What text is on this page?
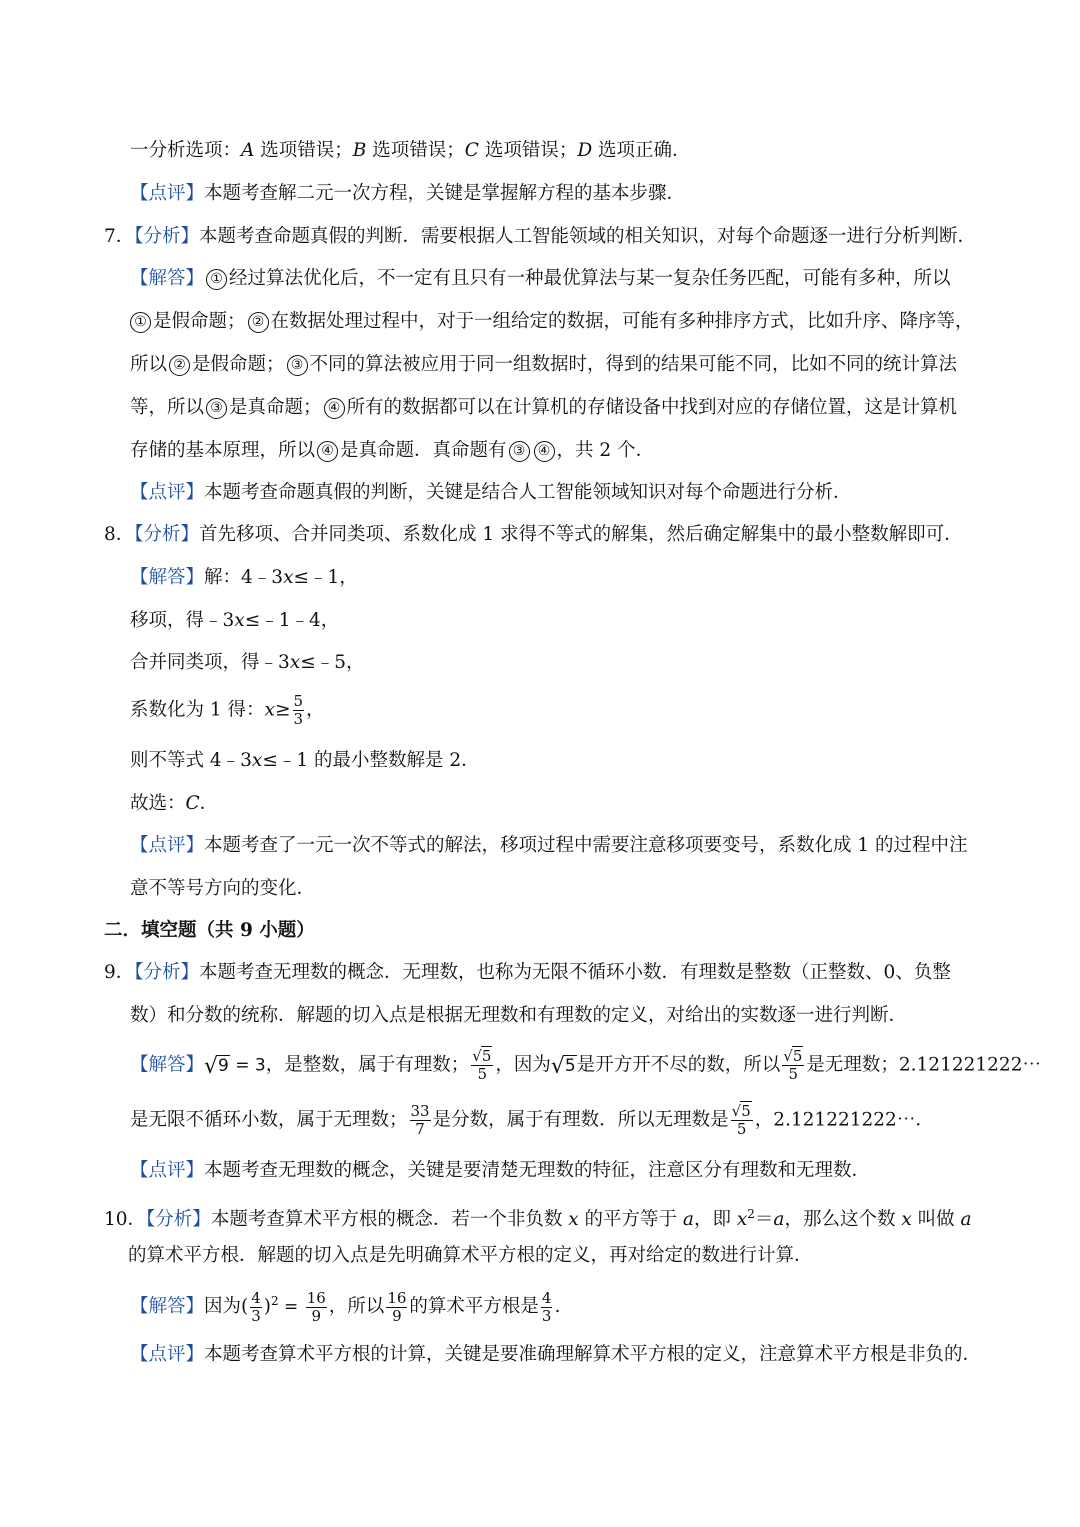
一分析选项：A 选项错误；B 选项错误；C 选项错误；D 选项正确．
【点评】本题考查解二元一次方程，关键是掌握解方程的基本步骤．
7．【分析】本题考查命题真假的判断．需要根据人工智能领域的相关知识，对每个命题逐一进行分析判断．
【解答】 ① 经过算法优化后，不一定有且只有一种最优算法与某一复杂任务匹配，可能有多种，所以
① 是假命题； ② 在数据处理过程中，对于一组给定的数据，可能有多种排序方式，比如升序、降序等，
所以 ② 是假命题； ③ 不同的算法被应用于同一组数据时，得到的结果可能不同，比如不同的统计算法
等，所以 ③ 是真命题； ④ 所有的数据都可以在计算机的存储设备中找到对应的存储位置，这是计算机
存储的基本原理，所以 ④ 是真命题．真命题有 ③ ④ ，共 2 个．
【点评】本题考查命题真假的判断，关键是结合人工智能领域知识对每个命题进行分析．
8．【分析】首先移项、合并同类项、系数化成 1 求得不等式的解集，然后确定解集中的最小整数解即可．
【解答】解：4﹣3x≤﹣1，
移项，得﹣3x≤﹣1﹣4，
合并同类项，得﹣3x≤﹣5，
系数化为 1 得：$x\ge \frac{5}{3}$ ，
则不等式 4﹣3x≤﹣1 的最小整数解是 2．
故选：C．
【点评】本题考查了一元一次不等式的解法，移项过程中需要注意移项要变号，系数化成 1 的过程中注
意不等号方向的变化．
二．填空题（共 9 小题）
9．【分析】本题考查无理数的概念．无理数，也称为无限不循环小数．有理数是整数（正整数、0、负整
数）和分数的统称．解题的切入点是根据无理数和有理数的定义，对给出的实数逐一进行判断．
【解答】√9 = 3，是整数，属于有理数； $\frac{√5}{5}$ ，因为√5是开方开不尽的数，所以 $\frac{√5}{5}$ 是无理数；2.121221222⋯
是无限不循环小数，属于无理数； $\frac{33}{7}$ 是分数，属于有理数．所以无理数是 $\frac{√5}{5}$ ，2.121221222⋯．
【点评】本题考查无理数的概念，关键是要清楚无理数的特征，注意区分有理数和无理数．
10．【分析】本题考查算术平方根的概念．若一个非负数 x 的平方等于 a，即 $x^2=a$，那么这个数 x 叫做 a
的算术平方根．解题的切入点是先明确算术平方根的定义，再对给定的数进行计算．
【解答】因为( $\frac{4}{3} )^2 = \frac{16}{9}$ ，所以 $\frac{16}{9}$ 的算术平方根是 $\frac{4}{3}$ .
【点评】本题考查算术平方根的计算，关键是要准确理解算术平方根的定义，注意算术平方根是非负的．
